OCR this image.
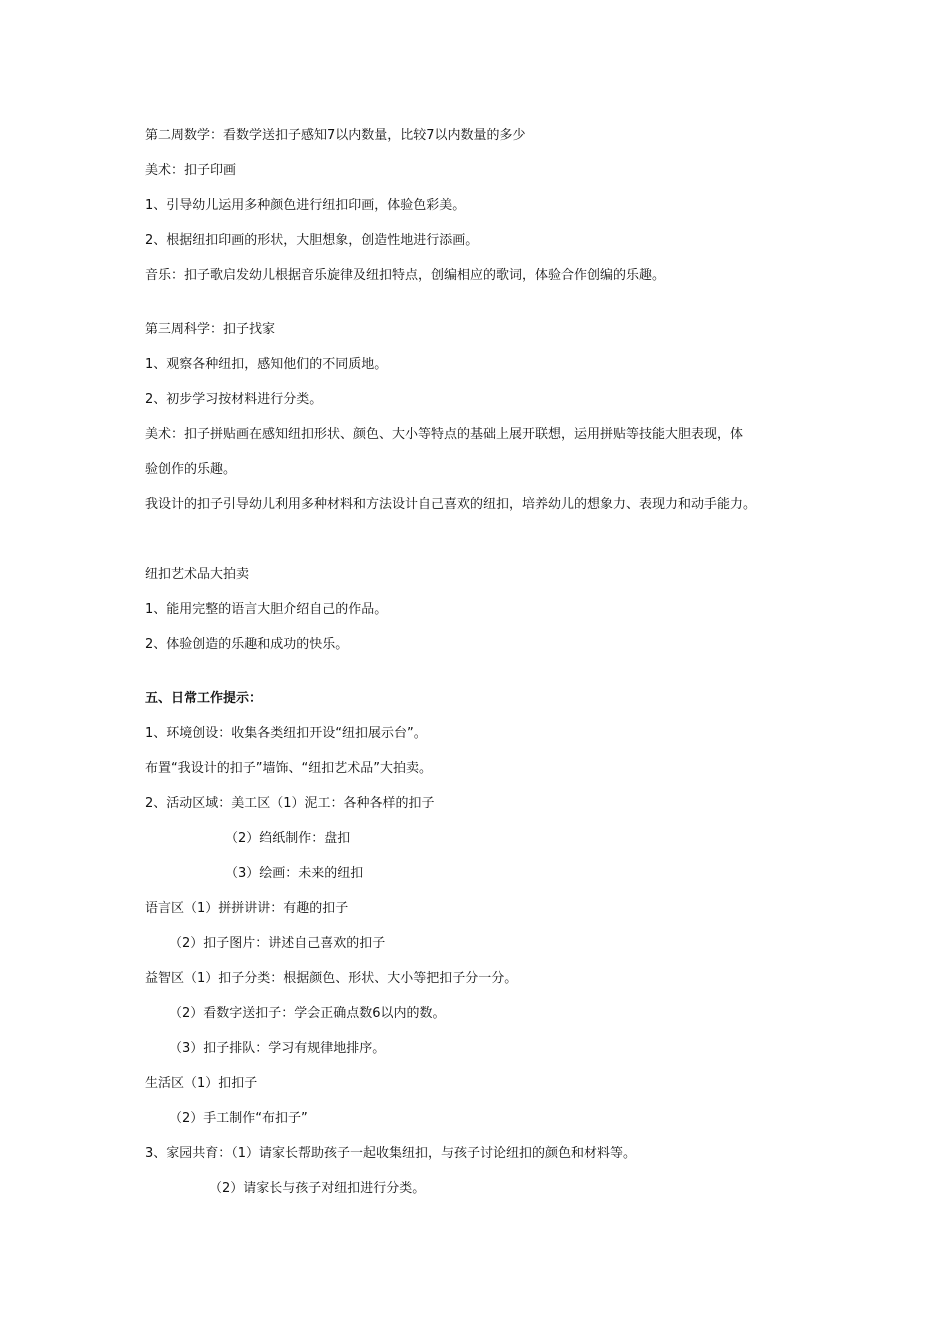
第二周数学：看数学送扣子感知7以内数量，比较7以内数量的多少
美术：扣子印画
1、引导幼儿运用多种颜色进行纽扣印画，体验色彩美。
2、根据纽扣印画的形状，大胆想象，创造性地进行添画。
音乐：扣子歌启发幼儿根据音乐旋律及纽扣特点，创编相应的歌词，体验合作创编的乐趣。
第三周科学：扣子找家
1、观察各种纽扣，感知他们的不同质地。
2、初步学习按材料进行分类。
美术：扣子拼贴画在感知纽扣形状、颜色、大小等特点的基础上展开联想，运用拼贴等技能大胆表现，体
验创作的乐趣。
我设计的扣子引导幼儿利用多种材料和方法设计自己喜欢的纽扣，培养幼儿的想象力、表现力和动手能力。
纽扣艺术品大拍卖
1、能用完整的语言大胆介绍自己的作品。
2、体验创造的乐趣和成功的快乐。
五、日常工作提示：
1、环境创设：收集各类纽扣开设“纽扣展示台”。
布置“我设计的扣子”墙饰、“纽扣艺术品”大拍卖。
2、活动区域：美工区（1）泥工：各种各样的扣子
（2）绉纸制作：盘扣
（3）绘画：未来的纽扣
语言区（1）拼拼讲讲：有趣的扣子
（2）扣子图片：讲述自己喜欢的扣子
益智区（1）扣子分类：根据颜色、形状、大小等把扣子分一分。
（2）看数字送扣子：学会正确点数6以内的数。
（3）扣子排队：学习有规律地排序。
生活区（1）扣扣子
（2）手工制作“布扣子”
3、家园共育：（1）请家长帮助孩子一起收集纽扣，与孩子讨论纽扣的颜色和材料等。
（2）请家长与孩子对纽扣进行分类。
